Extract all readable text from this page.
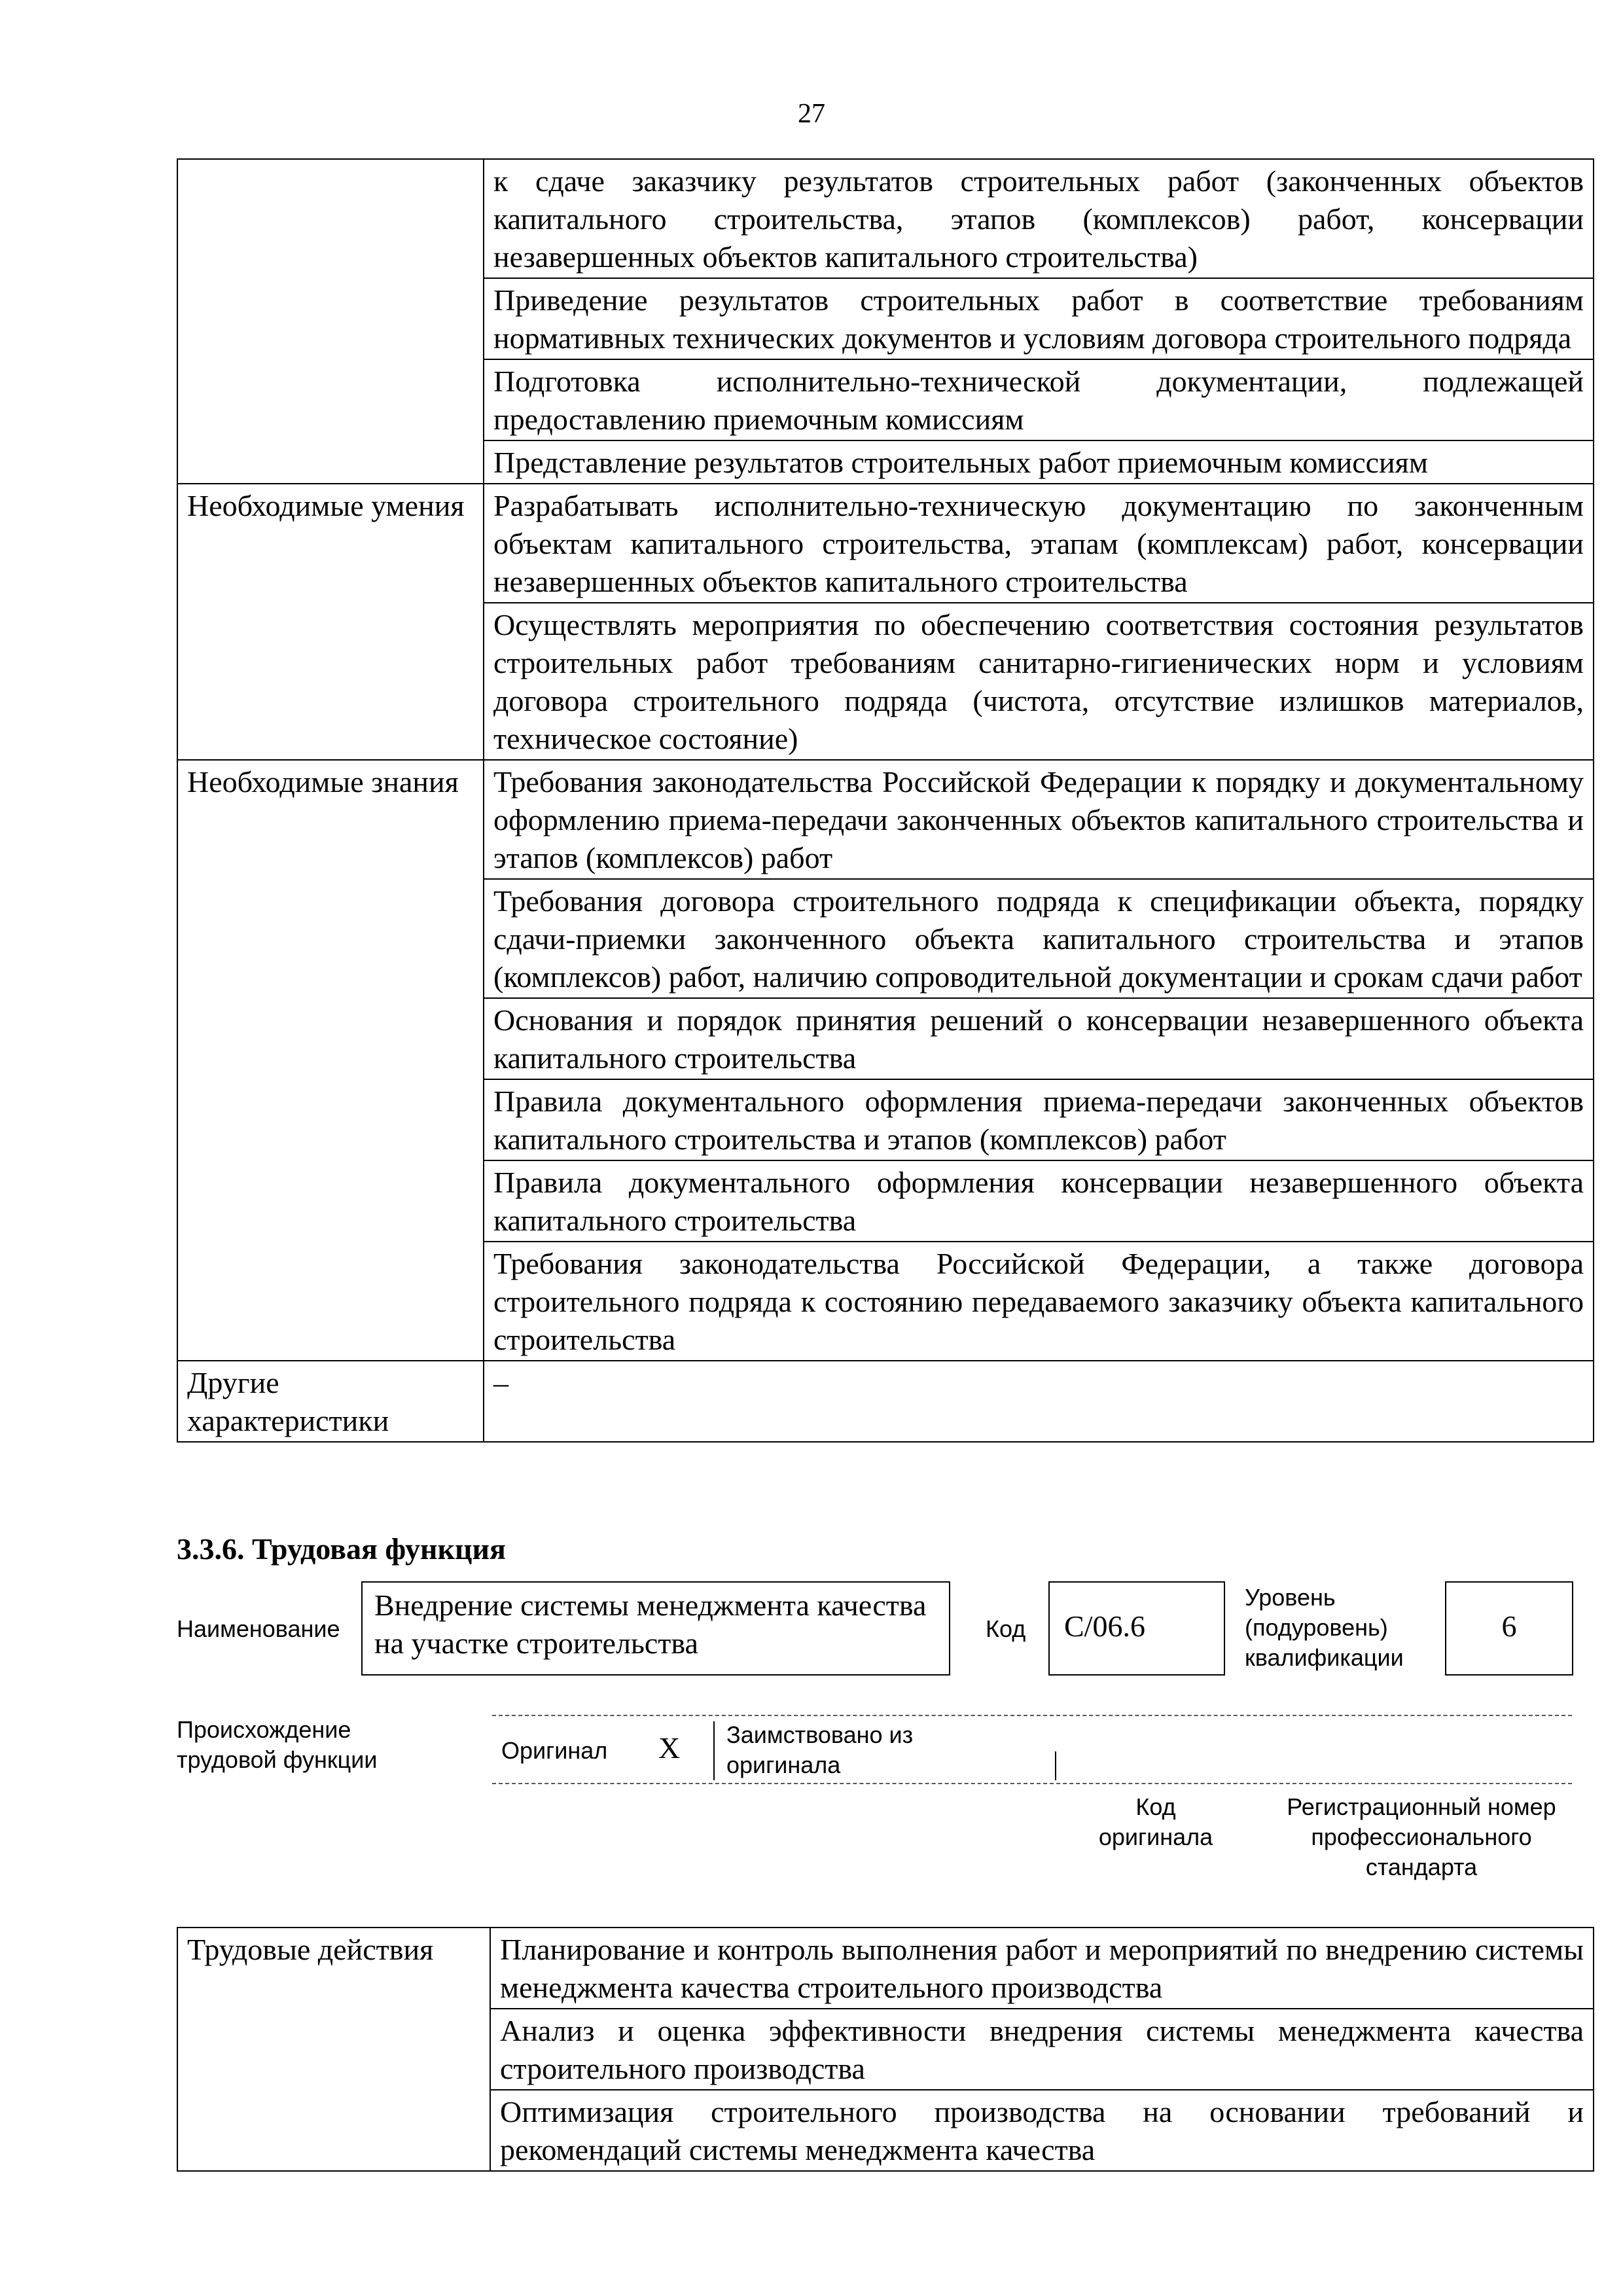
27
	к сдаче заказчику результатов строительных работ (законченных объектов капитального строительства, этапов (комплексов) работ, консервации незавершенных объектов капитального строительства)
	Приведение результатов строительных работ в соответствие требованиям нормативных технических документов и условиям договора строительного подряда
	Подготовка исполнительно-технической документации, подлежащей предоставлению приемочным комиссиям
	Представление результатов строительных работ приемочным комиссиям
Необходимые умения	Разрабатывать исполнительно-техническую документацию по законченным объектам капитального строительства, этапам (комплексам) работ, консервации незавершенных объектов капитального строительства
	Осуществлять мероприятия по обеспечению соответствия состояния результатов строительных работ требованиям санитарно-гигиенических норм и условиям договора строительного подряда (чистота, отсутствие излишков материалов, техническое состояние)
Необходимые знания	Требования законодательства Российской Федерации к порядку и документальному оформлению приема-передачи законченных объектов капитального строительства и этапов (комплексов) работ
	Требования договора строительного подряда к спецификации объекта, порядку сдачи-приемки законченного объекта капитального строительства и этапов (комплексов) работ, наличию сопроводительной документации и срокам сдачи работ
	Основания и порядок принятия решений о консервации незавершенного объекта капитального строительства
	Правила документального оформления приема-передачи законченных объектов капитального строительства и этапов (комплексов) работ
	Правила документального оформления консервации незавершенного объекта капитального строительства
	Требования законодательства Российской Федерации, а также договора строительного подряда к состоянию передаваемого заказчику объекта капитального строительства
Другие характеристики	–
3.3.6. Трудовая функция
Наименование
Внедрение системы менеджмента качества на участке строительства	Код	C/06.6
Уровень (подуровень) квалификации
6
Происхождение трудовой функции	Оригинал X Заимствовано из оригинала
Код оригинала
Регистрационный номер профессионального стандарта
Трудовые действия	Планирование и контроль выполнения работ и мероприятий по внедрению системы менеджмента качества строительного производства
Анализ и оценка эффективности внедрения системы менеджмента качества строительного производства
Оптимизация строительного производства на основании требований и рекомендаций системы менеджмента качества
